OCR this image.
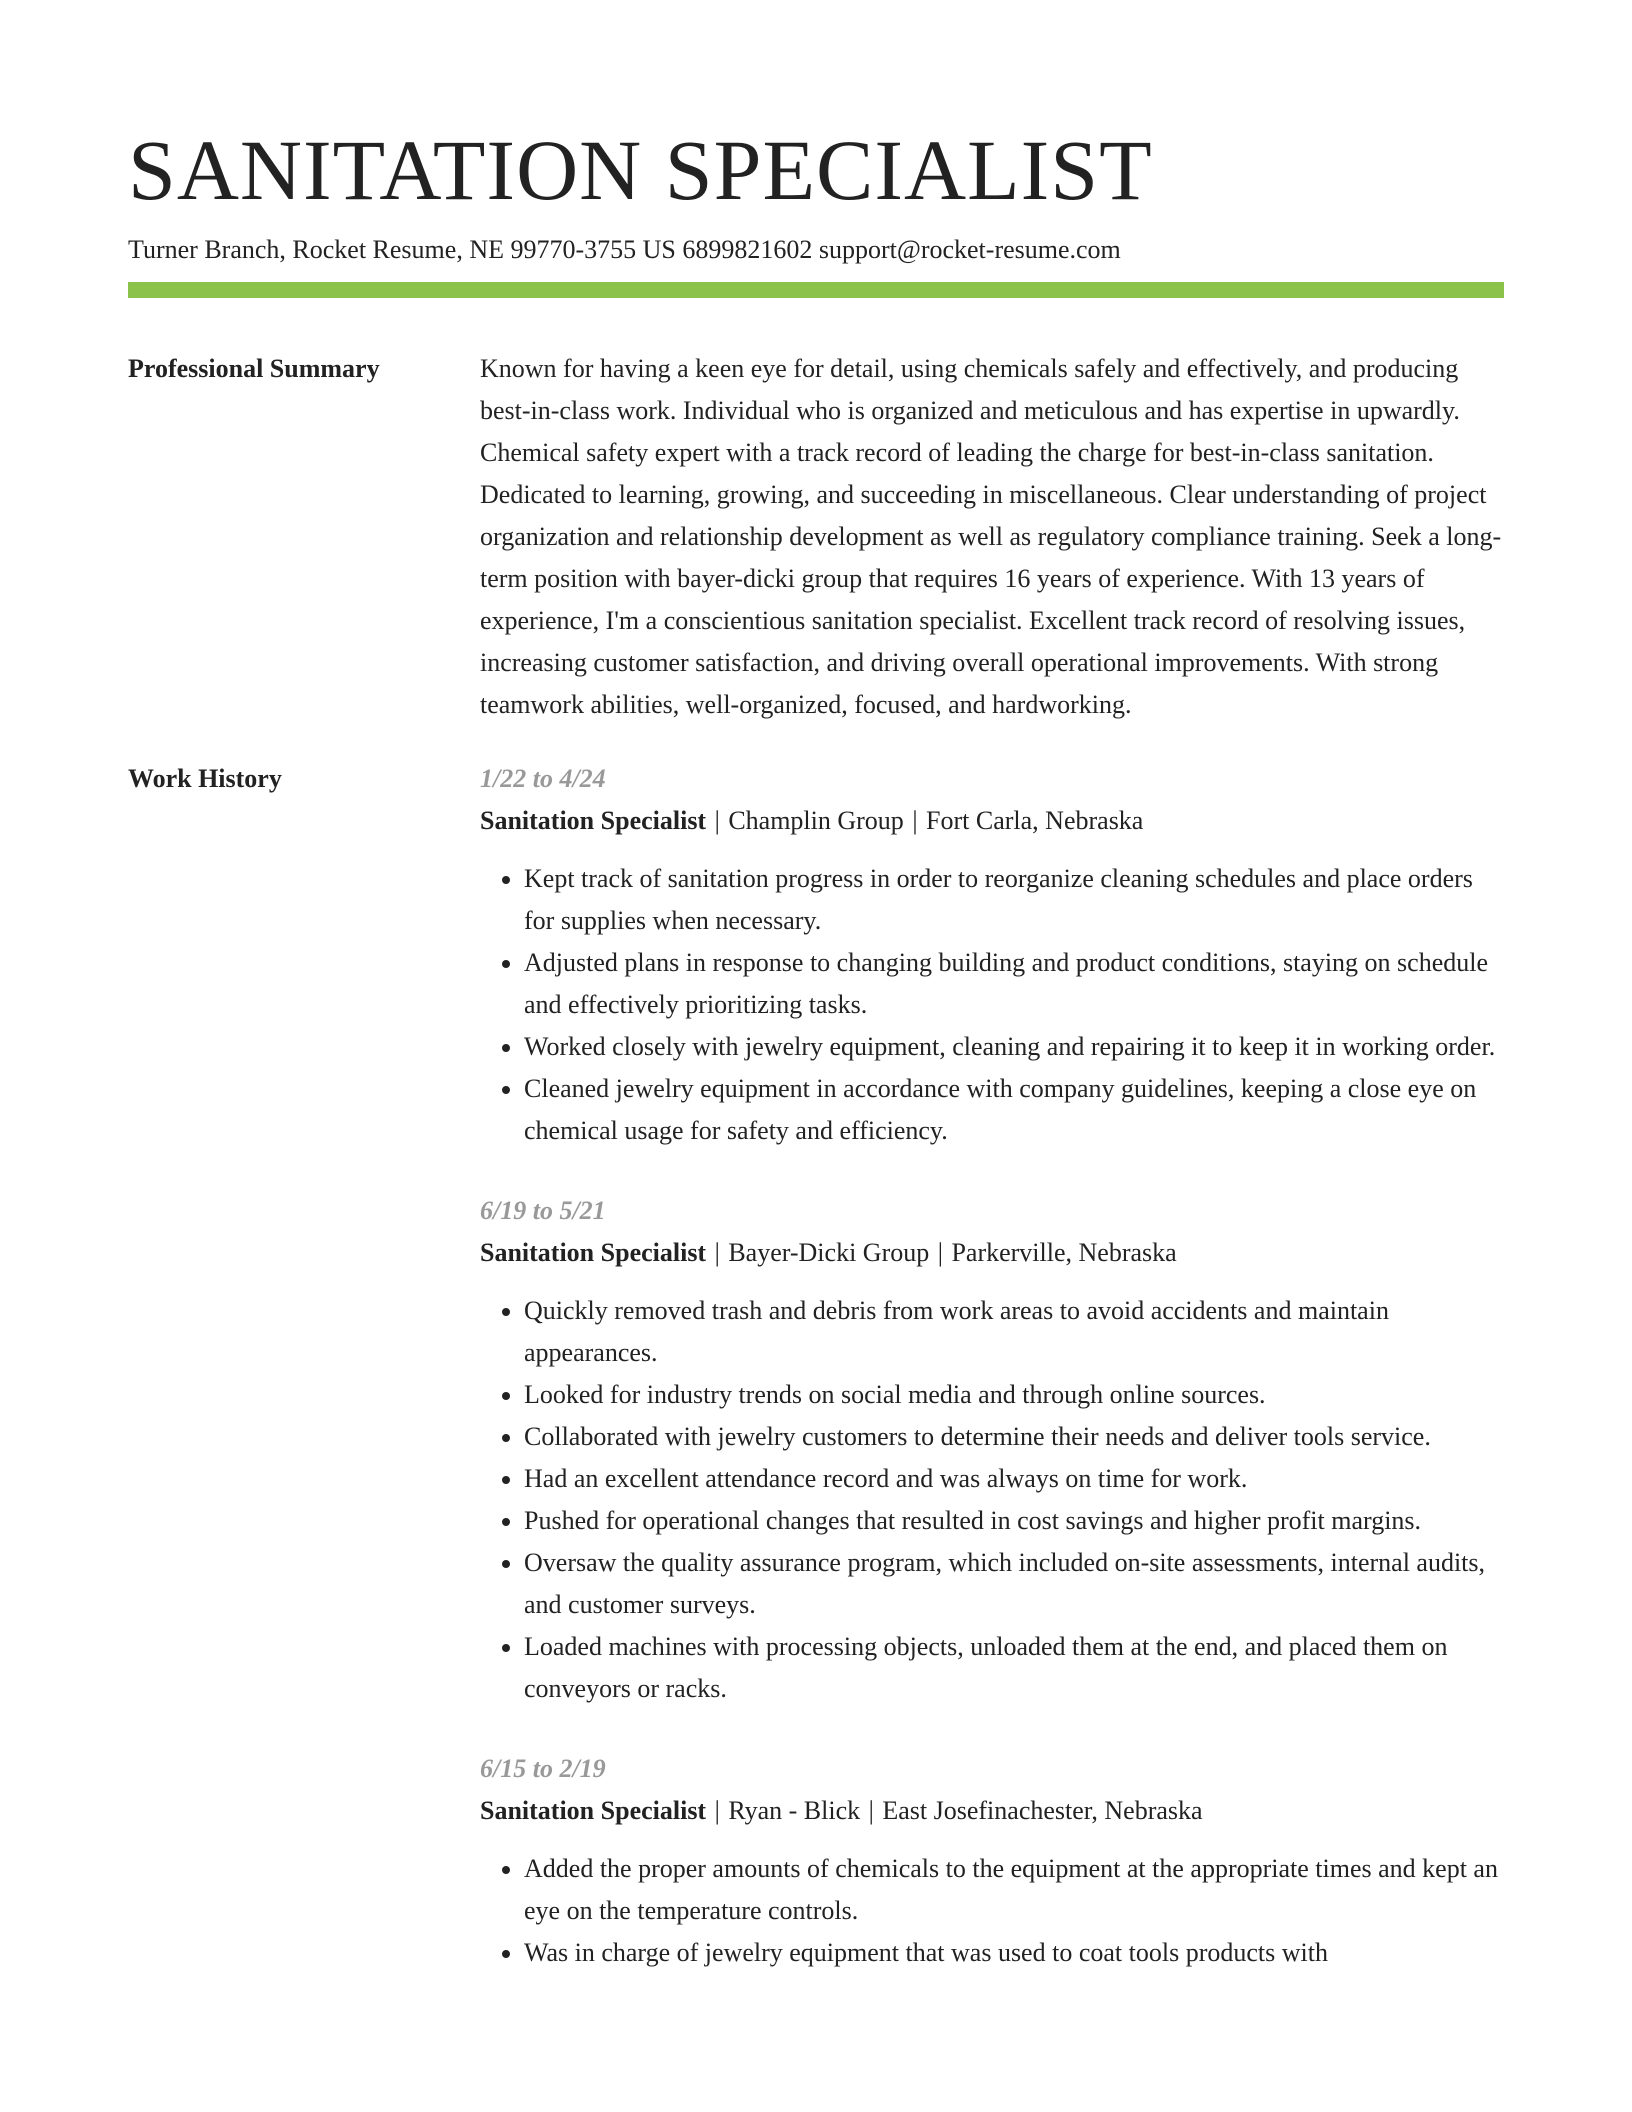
SANITATION SPECIALIST
Turner Branch, Rocket Resume, NE 99770-3755 US 6899821602 support@rocket-resume.com
Professional Summary	Known for having a keen eye for detail, using chemicals safely and effectively, and producing best-in-class work. Individual who is organized and meticulous and has expertise in upwardly. Chemical safety expert with a track record of leading the charge for best-in-class sanitation. Dedicated to learning, growing, and succeeding in miscellaneous. Clear understanding of project organization and relationship development as well as regulatory compliance training. Seek a long-term position with bayer-dicki group that requires 16 years of experience. With 13 years of experience, I'm a conscientious sanitation specialist. Excellent track record of resolving issues, increasing customer satisfaction, and driving overall operational improvements. With strong teamwork abilities, well-organized, focused, and hardworking.

Work History	1/22 to 4/24
Sanitation Specialist | Champlin Group | Fort Carla, Nebraska
• Kept track of sanitation progress in order to reorganize cleaning schedules and place orders for supplies when necessary.
• Adjusted plans in response to changing building and product conditions, staying on schedule and effectively prioritizing tasks.
• Worked closely with jewelry equipment, cleaning and repairing it to keep it in working order.
• Cleaned jewelry equipment in accordance with company guidelines, keeping a close eye on chemical usage for safety and efficiency.
6/19 to 5/21
Sanitation Specialist | Bayer-Dicki Group | Parkerville, Nebraska
• Quickly removed trash and debris from work areas to avoid accidents and maintain appearances.
• Looked for industry trends on social media and through online sources.
• Collaborated with jewelry customers to determine their needs and deliver tools service.
• Had an excellent attendance record and was always on time for work.
• Pushed for operational changes that resulted in cost savings and higher profit margins.
• Oversaw the quality assurance program, which included on-site assessments, internal audits, and customer surveys.
• Loaded machines with processing objects, unloaded them at the end, and placed them on conveyors or racks.
6/15 to 2/19
Sanitation Specialist | Ryan - Blick | East Josefinachester, Nebraska
• Added the proper amounts of chemicals to the equipment at the appropriate times and kept an eye on the temperature controls.
• Was in charge of jewelry equipment that was used to coat tools products with
